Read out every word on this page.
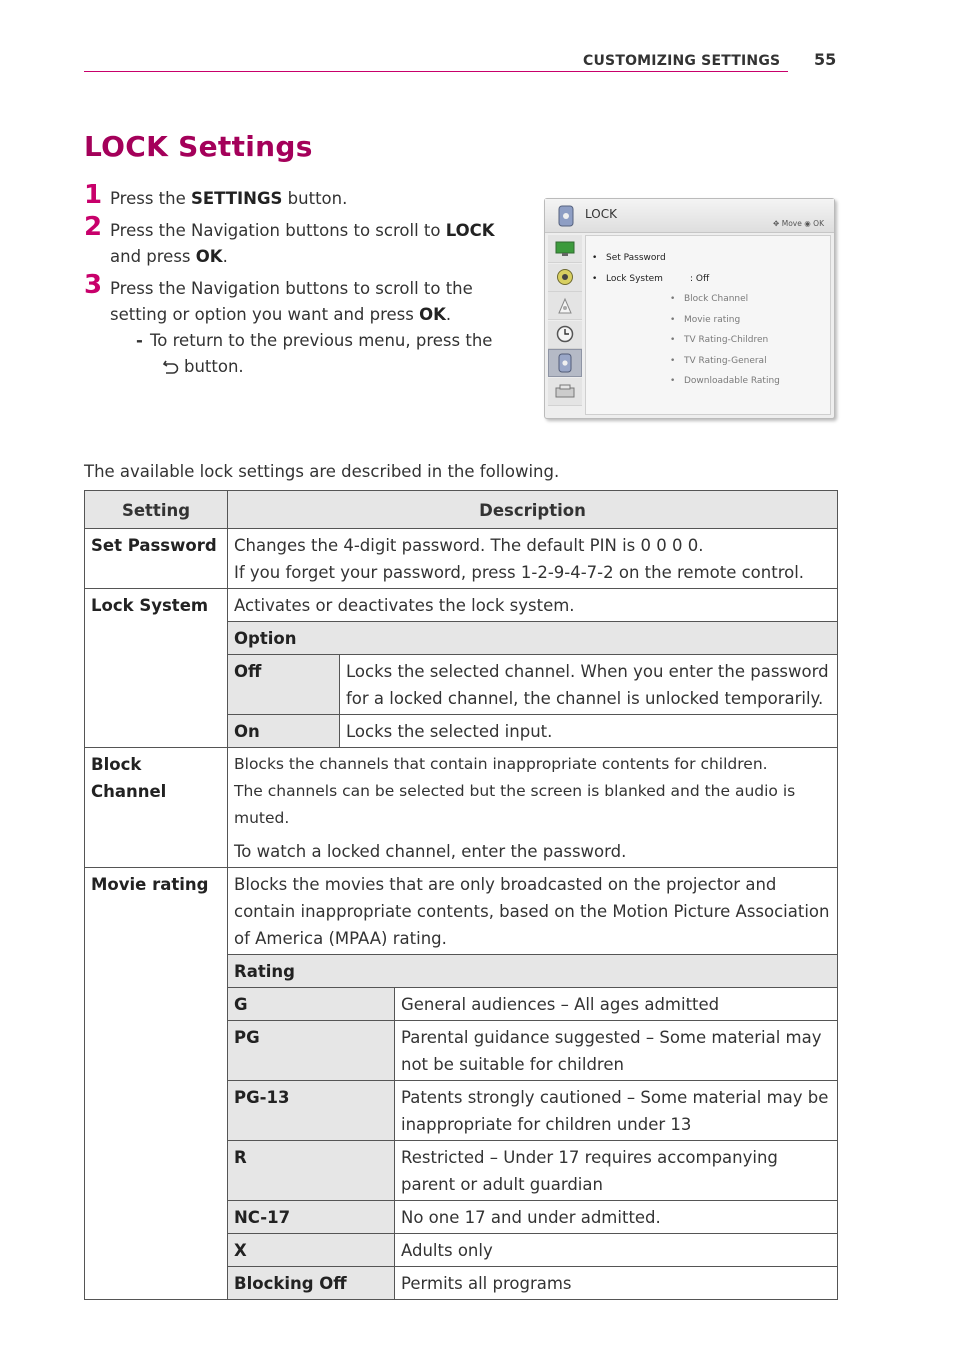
CUSTOMIZING SETTINGS 55
LOCK Settings
1 Press the SETTINGS button.
2 Press the Navigation buttons to scroll to LOCK and press OK.
3 Press the Navigation buttons to scroll to the setting or option you want and press OK.
- To return to the previous menu, press the
button.
LOCK
✥ Move ◉ OK
• Set Password
• Lock System	: Off
• Block Channel
• Movie rating
• TV Rating-Children
• TV Rating-General
• Downloadable Rating
The available lock settings are described in the following.
Setting	Description		
Set Password	Changes the 4-digit password. The default PIN is 0 0 0 0.
If you forget your password, press 1-2-9-4-7-2 on the remote control.		

Lock System	Activates or deactivates the lock system.		
	Option		
	Off	Locks the selected channel. When you enter the password for a locked channel, the channel is unlocked temporarily.	
	On	Locks the selected input.	
Block Channel	Blocks the channels that contain inappropriate contents for children.
The channels can be selected but the screen is blanked and the audio is muted.
To watch a locked channel, enter the password.		

Movie rating	Blocks the movies that are only broadcasted on the projector and contain inappropriate contents, based on the Motion Picture Association of America (MPAA) rating.		
	Rating		
	G		General audiences – All ages admitted
	PG		Parental guidance suggested – Some material may not be suitable for children
	PG-13		Patents strongly cautioned – Some material may be inappropriate for children under 13
	R		Restricted – Under 17 requires accompanying parent or adult guardian
	NC-17		No one 17 and under admitted.
	X		Adults only
	Blocking Off		Permits all programs
